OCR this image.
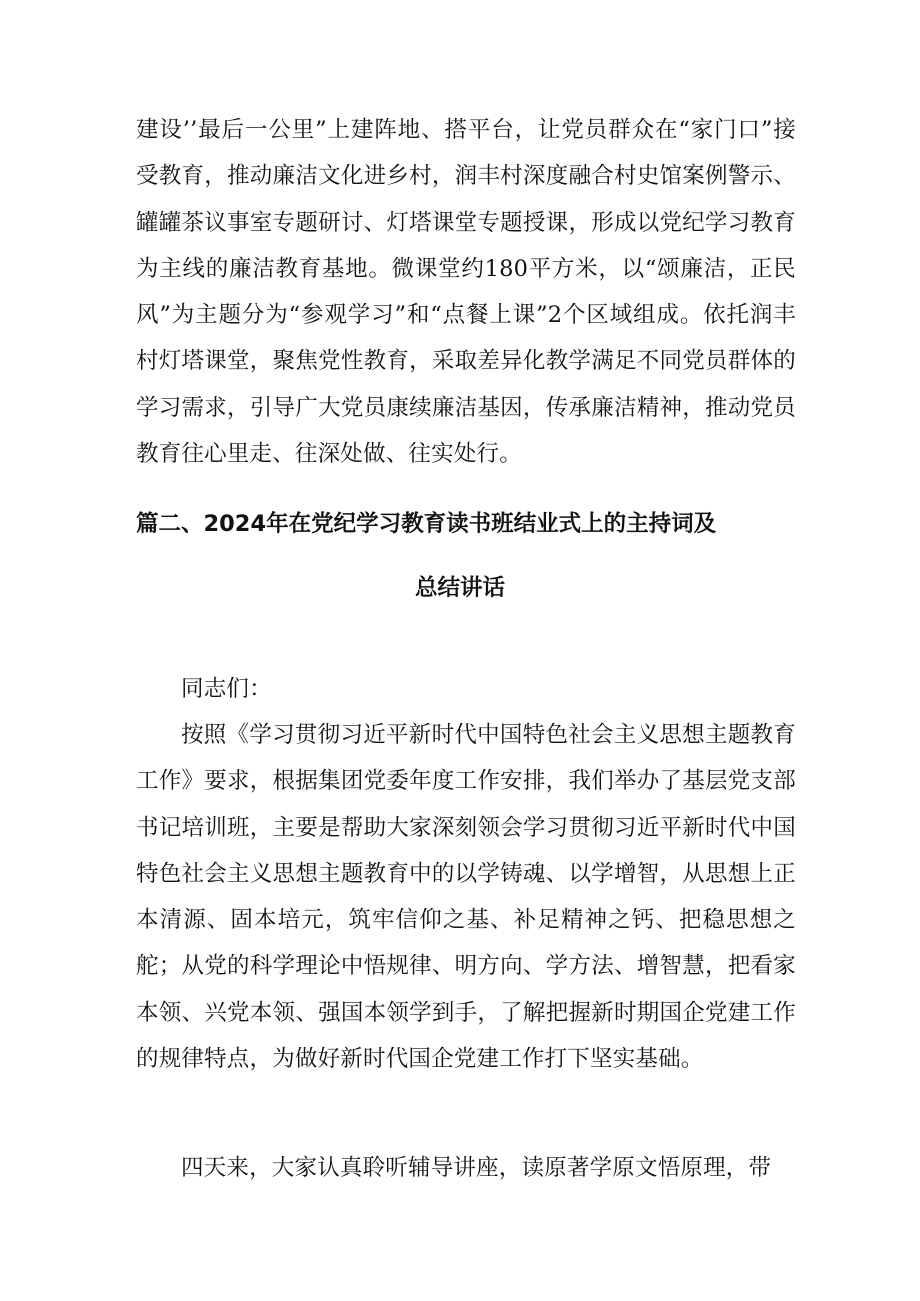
建设’’最后一公里”上建阵地、搭平台，让党员群众在“家门口”接受教育，推动廉洁文化进乡村，润丰村深度融合村史馆案例警示、罐罐茶议事室专题研讨、灯塔课堂专题授课，形成以党纪学习教育为主线的廉洁教育基地。微课堂约180平方米，以“颂廉洁，正民风”为主题分为“参观学习”和“点餐上课”2个区域组成。依托润丰村灯塔课堂，聚焦党性教育，采取差异化教学满足不同党员群体的学习需求，引导广大党员康续廉洁基因，传承廉洁精神，推动党员教育往心里走、往深处做、往实处行。

篇二、2024年在党纪学习教育读书班结业式上的主持词及
总结讲话

同志们：

按照《学习贯彻习近平新时代中国特色社会主义思想主题教育工作》要求，根据集团党委年度工作安排，我们举办了基层党支部书记培训班，主要是帮助大家深刻领会学习贯彻习近平新时代中国特色社会主义思想主题教育中的以学铸魂、以学增智，从思想上正本清源、固本培元，筑牢信仰之基、补足精神之钙、把稳思想之舵；从党的科学理论中悟规律、明方向、学方法、增智慧，把看家本领、兴党本领、强国本领学到手，了解把握新时期国企党建工作的规律特点，为做好新时代国企党建工作打下坚实基础。

四天来，大家认真聆听辅导讲座，读原著学原文悟原理，带
